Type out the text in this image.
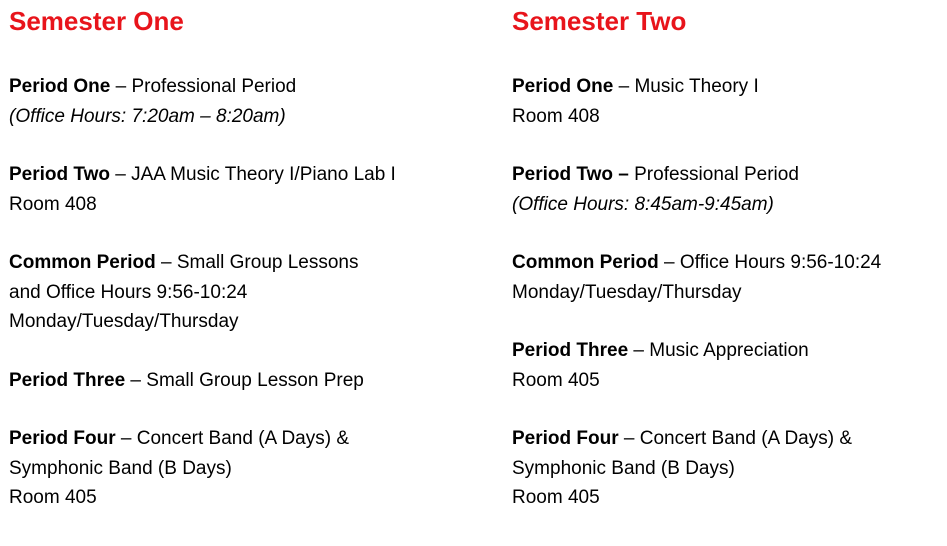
Semester One
Period One – Professional Period
(Office Hours: 7:20am – 8:20am)
Period Two – JAA Music Theory I/Piano Lab I
Room 408
Common Period – Small Group Lessons
and Office Hours 9:56-10:24
Monday/Tuesday/Thursday
Period Three – Small Group Lesson Prep
Period Four – Concert Band (A Days) &
Symphonic Band (B Days)
Room 405
Semester Two
Period One – Music Theory I
Room 408
Period Two – Professional Period
(Office Hours: 8:45am-9:45am)
Common Period – Office Hours 9:56-10:24
Monday/Tuesday/Thursday
Period Three – Music Appreciation
Room 405
Period Four – Concert Band (A Days) &
Symphonic Band (B Days)
Room 405
